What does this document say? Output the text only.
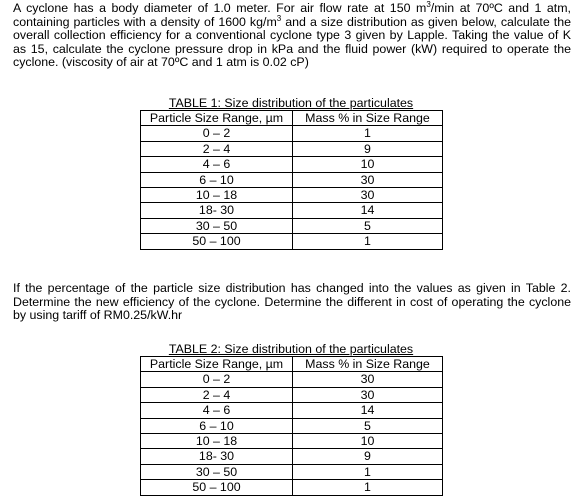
A cyclone has a body diameter of 1.0 meter. For air flow rate at 150 $m^3/\min$ at 70ºC and 1 atm, containing particles with a density of 1600 $kg/m^3$ and a size distribution as given below, calculate the overall collection efficiency for a conventional cyclone type 3 given by Lapple. Taking the value of K as 15, calculate the cyclone pressure drop in kPa and the fluid power (kW) required to operate the cyclone. (viscosity of air at 70ºC and 1 atm is 0.02 cP)

TABLE 1: Size distribution of the particulates
Particle Size Range, µm	Mass % in Size Range
0 – 2	1
2 – 4	9
4 – 6	10
6 – 10	30
10 – 18	30
18- 30	14
30 – 50	5
50 – 100	1

If the percentage of the particle size distribution has changed into the values as given in Table 2. Determine the new efficiency of the cyclone. Determine the different in cost of operating the cyclone by using tariff of RM0.25/kW.hr

TABLE 2: Size distribution of the particulates
Particle Size Range, µm	Mass % in Size Range
0 – 2	30
2 – 4	30
4 – 6	14
6 – 10	5
10 – 18	10
18- 30	9
30 – 50	1
50 – 100	1
